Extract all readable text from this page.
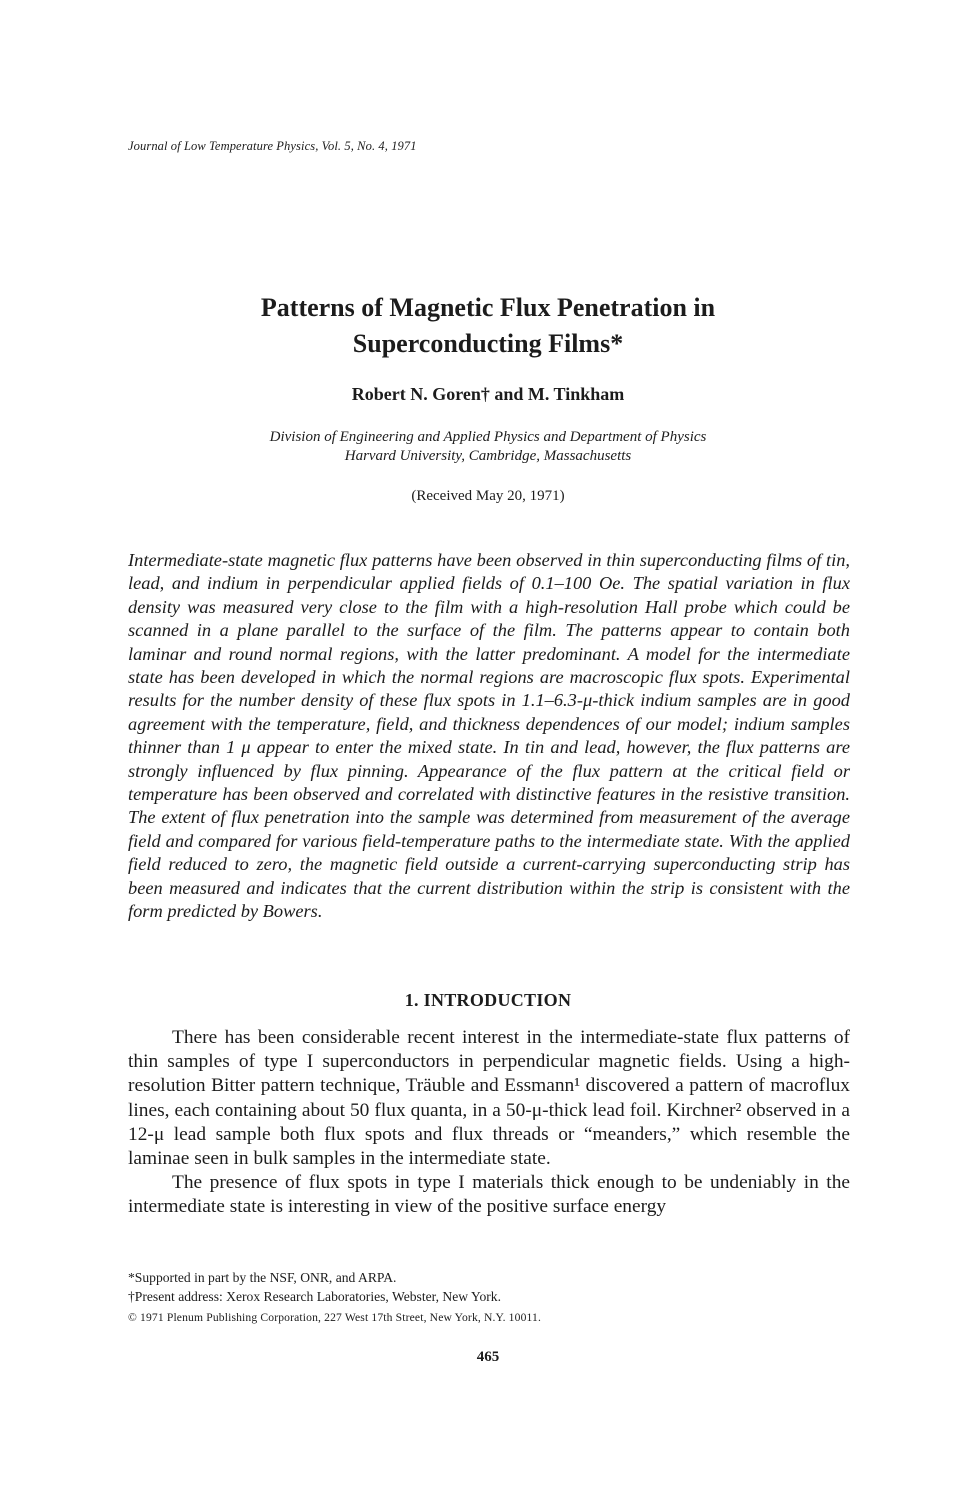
Journal of Low Temperature Physics, Vol. 5, No. 4, 1971
Patterns of Magnetic Flux Penetration in
Superconducting Films*
Robert N. Goren† and M. Tinkham
Division of Engineering and Applied Physics and Department of Physics
Harvard University, Cambridge, Massachusetts
(Received May 20, 1971)
Intermediate-state magnetic flux patterns have been observed in thin superconducting films of tin, lead, and indium in perpendicular applied fields of 0.1–100 Oe. The spatial variation in flux density was measured very close to the film with a high-resolution Hall probe which could be scanned in a plane parallel to the surface of the film. The patterns appear to contain both laminar and round normal regions, with the latter predominant. A model for the intermediate state has been developed in which the normal regions are macroscopic flux spots. Experimental results for the number density of these flux spots in 1.1–6.3-μ-thick indium samples are in good agreement with the temperature, field, and thickness dependences of our model; indium samples thinner than 1 μ appear to enter the mixed state. In tin and lead, however, the flux patterns are strongly influenced by flux pinning. Appearance of the flux pattern at the critical field or temperature has been observed and correlated with distinctive features in the resistive transition. The extent of flux penetration into the sample was determined from measurement of the average field and compared for various field-temperature paths to the intermediate state. With the applied field reduced to zero, the magnetic field outside a current-carrying superconducting strip has been measured and indicates that the current distribution within the strip is consistent with the form predicted by Bowers.
1. INTRODUCTION

There has been considerable recent interest in the intermediate-state flux patterns of thin samples of type I superconductors in perpendicular magnetic fields. Using a high-resolution Bitter pattern technique, Träuble and Essmann¹ discovered a pattern of macroflux lines, each containing about 50 flux quanta, in a 50-μ-thick lead foil. Kirchner² observed in a 12-μ lead sample both flux spots and flux threads or “meanders,” which resemble the laminae seen in bulk samples in the intermediate state.

The presence of flux spots in type I materials thick enough to be undeniably in the intermediate state is interesting in view of the positive surface energy

*Supported in part by the NSF, ONR, and ARPA.
†Present address: Xerox Research Laboratories, Webster, New York.
© 1971 Plenum Publishing Corporation, 227 West 17th Street, New York, N.Y. 10011.
465
